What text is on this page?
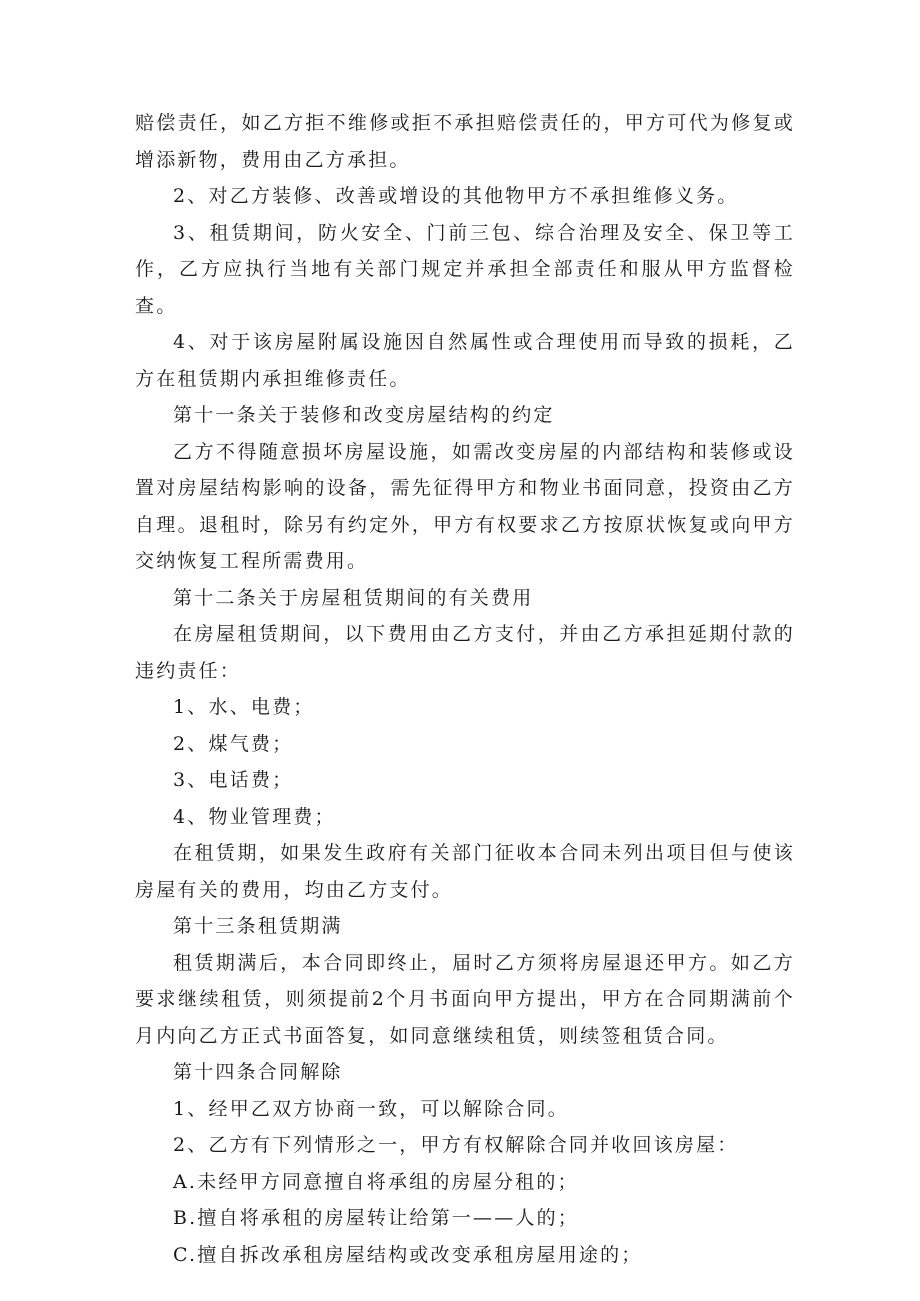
赔偿责任，如乙方拒不维修或拒不承担赔偿责任的，甲方可代为修复或增添新物，费用由乙方承担。

2、对乙方装修、改善或增设的其他物甲方不承担维修义务。

3、租赁期间，防火安全、门前三包、综合治理及安全、保卫等工作，乙方应执行当地有关部门规定并承担全部责任和服从甲方监督检查。

4、对于该房屋附属设施因自然属性或合理使用而导致的损耗，乙方在租赁期内承担维修责任。

第十一条关于装修和改变房屋结构的约定

乙方不得随意损坏房屋设施，如需改变房屋的内部结构和装修或设置对房屋结构影响的设备，需先征得甲方和物业书面同意，投资由乙方自理。退租时，除另有约定外，甲方有权要求乙方按原状恢复或向甲方交纳恢复工程所需费用。

第十二条关于房屋租赁期间的有关费用

在房屋租赁期间，以下费用由乙方支付，并由乙方承担延期付款的违约责任：

1、水、电费；

2、煤气费；

3、电话费；

4、物业管理费；

在租赁期，如果发生政府有关部门征收本合同未列出项目但与使该房屋有关的费用，均由乙方支付。

第十三条租赁期满

租赁期满后，本合同即终止，届时乙方须将房屋退还甲方。如乙方要求继续租赁，则须提前2个月书面向甲方提出，甲方在合同期满前个月内向乙方正式书面答复，如同意继续租赁，则续签租赁合同。

第十四条合同解除

1、经甲乙双方协商一致，可以解除合同。

2、乙方有下列情形之一，甲方有权解除合同并收回该房屋：

A.未经甲方同意擅自将承组的房屋分租的；

B.擅自将承租的房屋转让给第一——人的；

C.擅自拆改承租房屋结构或改变承租房屋用途的；
